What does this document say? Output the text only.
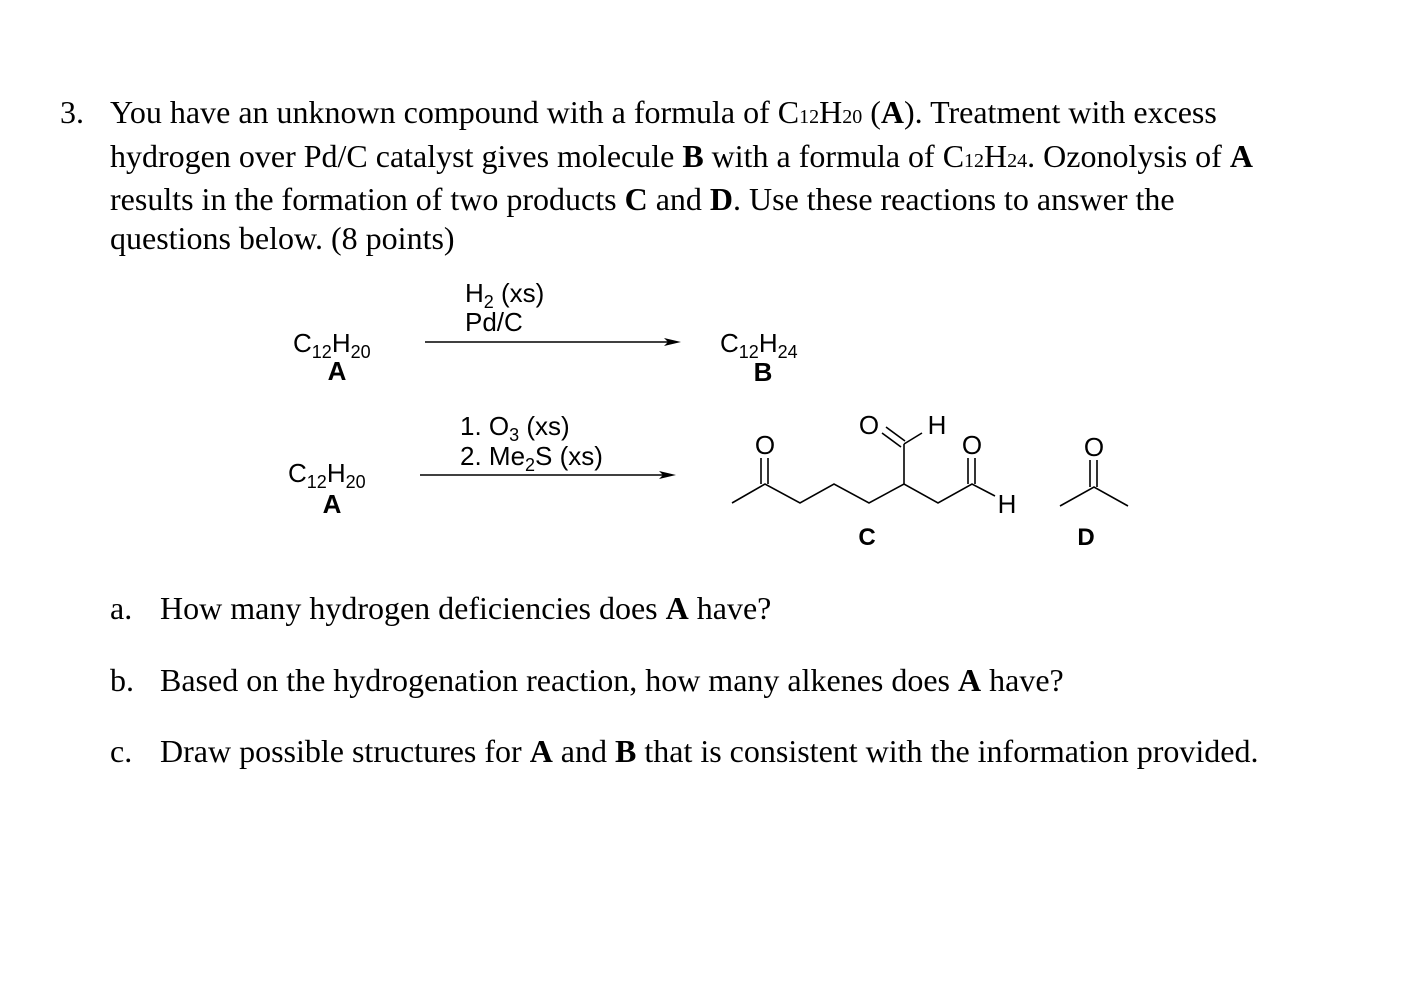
3. You have an unknown compound with a formula of C12H20 (A). Treatment with excess
hydrogen over Pd/C catalyst gives molecule B with a formula of C12H24. Ozonolysis of A
results in the formation of two products C and D. Use these reactions to answer the
questions below. (8 points)
$C_{12}H_{20}$
A
$H_2$ (xs)
Pd/C
$C_{12}H_{24}$
B
$C_{12}H_{20}$
A
1. $O_3$ (xs)
2. $Me_2S$ (xs)	O
O H
O
H
C
O
D
a. How many hydrogen deficiencies does A have?
b. Based on the hydrogenation reaction, how many alkenes does A have?
c. Draw possible structures for A and B that is consistent with the information provided.
